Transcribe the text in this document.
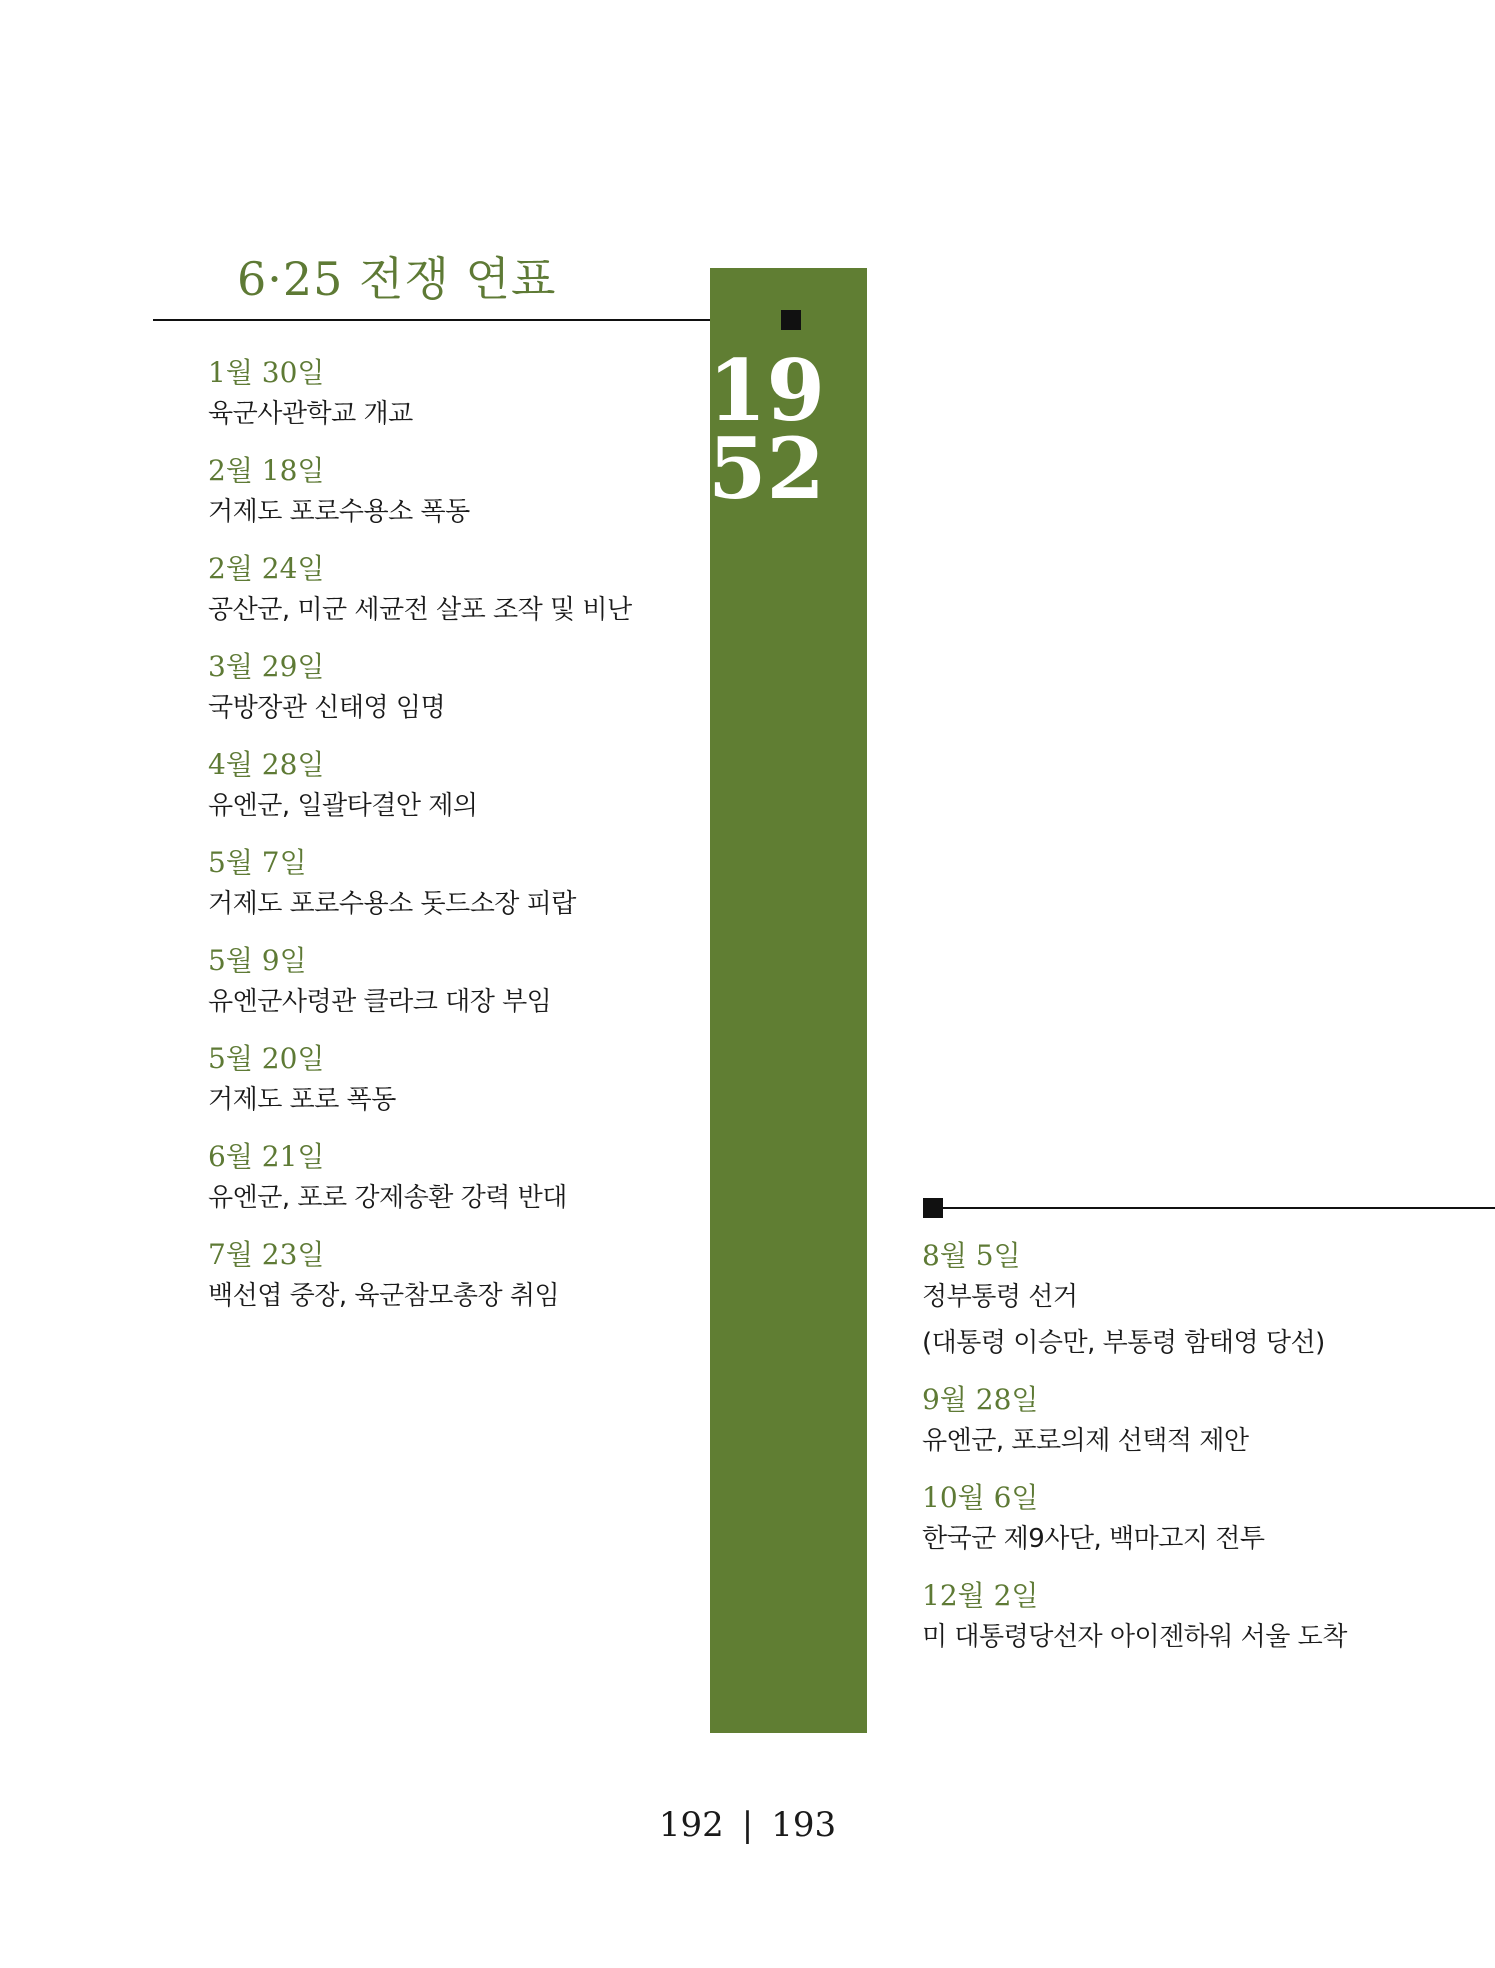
6·25 전쟁 연표
19
52
1월 30일
육군사관학교 개교
2월 18일
거제도 포로수용소 폭동
2월 24일
공산군, 미군 세균전 살포 조작 및 비난
3월 29일
국방장관 신태영 임명
4월 28일
유엔군, 일괄타결안 제의
5월 7일
거제도 포로수용소 돗드소장 피랍
5월 9일
유엔군사령관 클라크 대장 부임
5월 20일
거제도 포로 폭동
6월 21일
유엔군, 포로 강제송환 강력 반대
7월 23일
백선엽 중장, 육군참모총장 취임
8월 5일
정부통령 선거
(대통령 이승만, 부통령 함태영 당선)
9월 28일
유엔군, 포로의제 선택적 제안
10월 6일
한국군 제9사단, 백마고지 전투
12월 2일
미 대통령당선자 아이젠하워 서울 도착
192 | 193
